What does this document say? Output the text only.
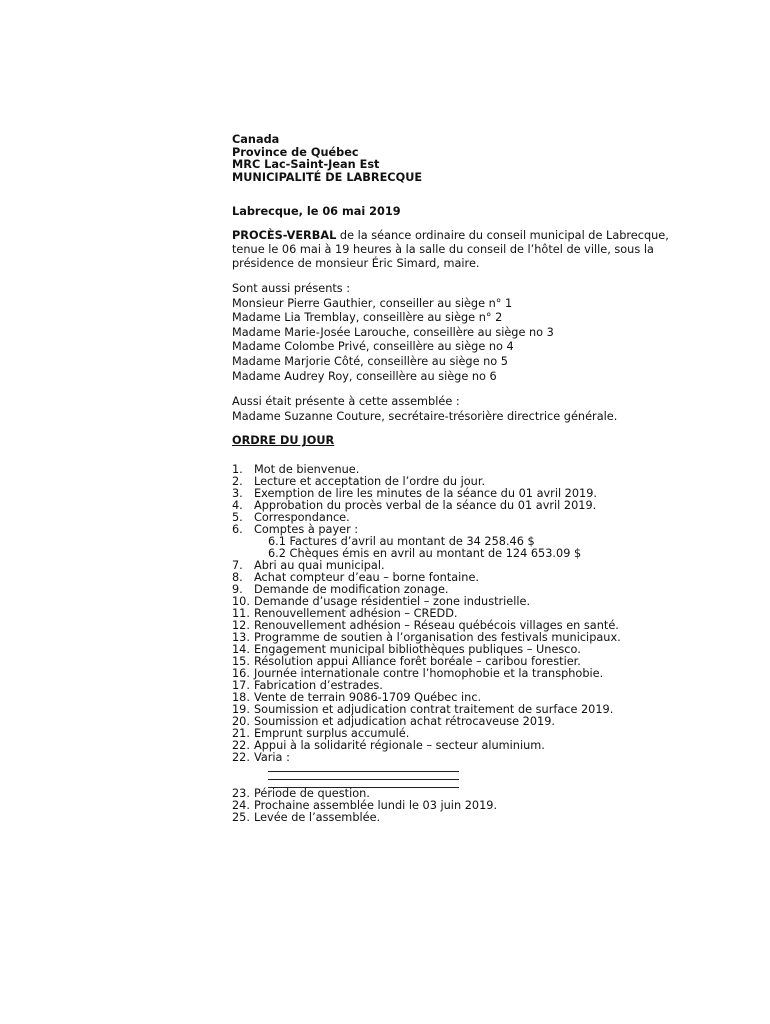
Canada
Province de Québec
MRC Lac-Saint-Jean Est
MUNICIPALITÉ DE LABRECQUE
Labrecque, le 06 mai 2019
PROCÈS-VERBAL de la séance ordinaire du conseil municipal de Labrecque, tenue le 06 mai à 19 heures à la salle du conseil de l’hôtel de ville, sous la présidence de monsieur Éric Simard, maire.
Sont aussi présents :
Monsieur Pierre Gauthier, conseiller au siège n° 1
Madame Lia Tremblay, conseillère au siège n° 2
Madame Marie-Josée Larouche, conseillère au siège no 3
Madame Colombe Privé, conseillère au siège no 4
Madame Marjorie Côté, conseillère au siège no 5
Madame Audrey Roy, conseillère au siège no 6
Aussi était présente à cette assemblée :
Madame Suzanne Couture, secrétaire-trésorière directrice générale.
ORDRE DU JOUR
1. Mot de bienvenue.
2. Lecture et acceptation de l’ordre du jour.
3. Exemption de lire les minutes de la séance du 01 avril 2019.
4. Approbation du procès verbal de la séance du 01 avril 2019.
5. Correspondance.
6. Comptes à payer :
6.1 Factures d’avril au montant de 34 258.46 $
6.2 Chèques émis en avril au montant de 124 653.09 $
7. Abri au quai municipal.
8. Achat compteur d’eau – borne fontaine.
9. Demande de modification zonage.
10. Demande d’usage résidentiel – zone industrielle.
11. Renouvellement adhésion – CREDD.
12. Renouvellement adhésion – Réseau québécois villages en santé.
13. Programme de soutien à l’organisation des festivals municipaux.
14. Engagement municipal bibliothèques publiques – Unesco.
15. Résolution appui Alliance forêt boréale – caribou forestier.
16. Journée internationale contre l’homophobie et la transphobie.
17. Fabrication d’estrades.
18. Vente de terrain 9086-1709 Québec inc.
19. Soumission et adjudication contrat traitement de surface 2019.
20. Soumission et adjudication achat rétrocaveuse 2019.
21. Emprunt surplus accumulé.
22. Appui à la solidarité régionale – secteur aluminium.
22. Varia :
23. Période de question.
24. Prochaine assemblée lundi le 03 juin 2019.
25. Levée de l’assemblée.
